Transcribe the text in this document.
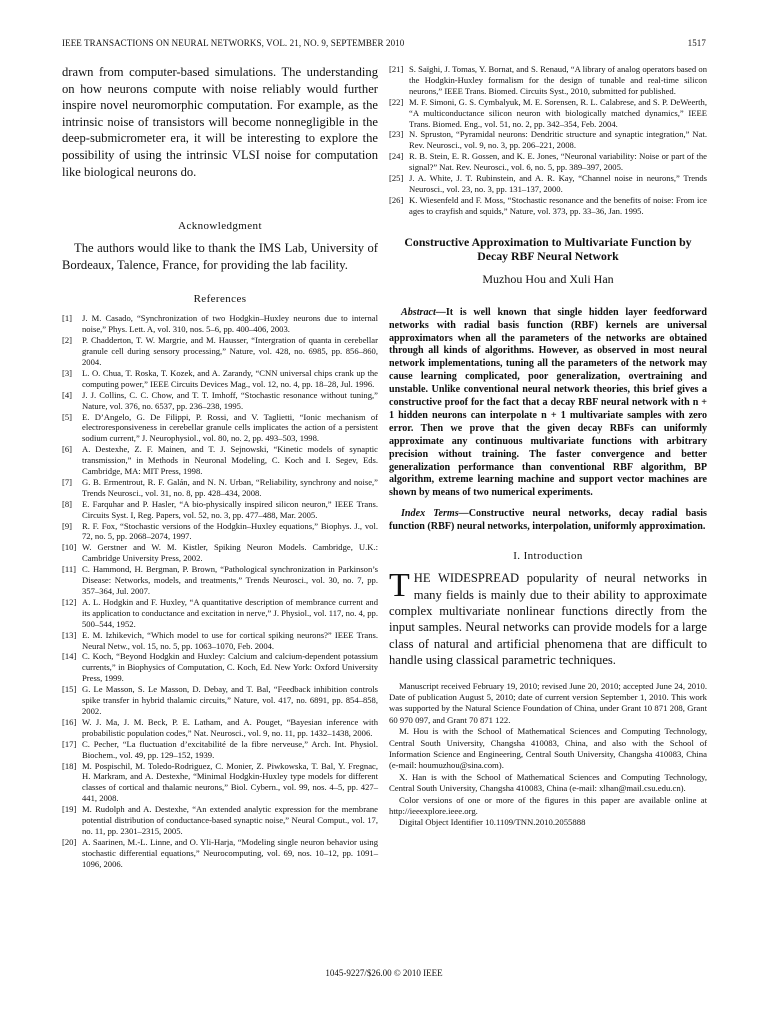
IEEE TRANSACTIONS ON NEURAL NETWORKS, VOL. 21, NO. 9, SEPTEMBER 2010	1517

drawn from computer-based simulations. The understanding on how neurons compute with noise reliably would further inspire novel neuromorphic computation. For example, as the intrinsic noise of transistors will become nonnegligible in the deep-submicrometer era, it will be interesting to explore the possibility of using the intrinsic VLSI noise for computation like biological neurons do.

Acknowledgment

The authors would like to thank the IMS Lab, University of Bordeaux, Talence, France, for providing the lab facility.

References

[1]	J. M. Casado, “Synchronization of two Hodgkin–Huxley neurons due to internal noise,” Phys. Lett. A, vol. 310, nos. 5–6, pp. 400–406, 2003.
[2]	P. Chadderton, T. W. Margrie, and M. Hausser, “Intergration of quanta in cerebellar granule cell during sensory processing,” Nature, vol. 428, no. 6985, pp. 856–860, 2004.
[3]	L. O. Chua, T. Roska, T. Kozek, and A. Zarandy, “CNN universal chips crank up the computing power,” IEEE Circuits Devices Mag., vol. 12, no. 4, pp. 18–28, Jul. 1996.
[4]	J. J. Collins, C. C. Chow, and T. T. Imhoff, “Stochastic resonance without tuning,” Nature, vol. 376, no. 6537, pp. 236–238, 1995.
[5]	E. D’Angelo, G. De Filippi, P. Rossi, and V. Taglietti, “Ionic mechanism of electroresponsiveness in cerebellar granule cells implicates the action of a persistent sodium current,” J. Neurophysiol., vol. 80, no. 2, pp. 493–503, 1998.
[6]	A. Destexhe, Z. F. Mainen, and T. J. Sejnowski, “Kinetic models of synaptic transmission,” in Methods in Neuronal Modeling, C. Koch and I. Segev, Eds. Cambridge, MA: MIT Press, 1998.
[7]	G. B. Ermentrout, R. F. Galán, and N. N. Urban, “Reliability, synchrony and noise,” Trends Neurosci., vol. 31, no. 8, pp. 428–434, 2008.
[8]	E. Farquhar and P. Hasler, “A bio-physically inspired silicon neuron,” IEEE Trans. Circuits Syst. I, Reg. Papers, vol. 52, no. 3, pp. 477–488, Mar. 2005.
[9]	R. F. Fox, “Stochastic versions of the Hodgkin–Huxley equations,” Biophys. J., vol. 72, no. 5, pp. 2068–2074, 1997.
[10] W. Gerstner and W. M. Kistler, Spiking Neuron Models. Cambridge, U.K.: Cambridge University Press, 2002.
[11] C. Hammond, H. Bergman, P. Brown, “Pathological synchronization in Parkinson’s Disease: Networks, models, and treatments,” Trends Neurosci., vol. 30, no. 7, pp. 357–364, Jul. 2007.
[12] A. L. Hodgkin and F. Huxley, “A quantitative description of membrance current and its application to conductance and excitation in nerve,” J. Physiol., vol. 117, no. 4, pp. 500–544, 1952.
[13] E. M. Izhikevich, “Which model to use for cortical spiking neurons?” IEEE Trans. Neural Netw., vol. 15, no. 5, pp. 1063–1070, Feb. 2004.
[14] C. Koch, “Beyond Hodgkin and Huxley: Calcium and calcium-dependent potassium currents,” in Biophysics of Computation, C. Koch, Ed. New York: Oxford University Press, 1999.
[15] G. Le Masson, S. Le Masson, D. Debay, and T. Bal, “Feedback inhibition controls spike transfer in hybrid thalamic circuits,” Nature, vol. 417, no. 6891, pp. 854–858, 2002.
[16] W. J. Ma, J. M. Beck, P. E. Latham, and A. Pouget, “Bayesian inference with probabilistic population codes,” Nat. Neurosci., vol. 9, no. 11, pp. 1432–1438, 2006.
[17] C. Pecher, “La fluctuation d’excitabilité de la fibre nerveuse,” Arch. Int. Physiol. Biochem., vol. 49, pp. 129–152, 1939.
[18] M. Pospischil, M. Toledo-Rodriguez, C. Monier, Z. Piwkowska, T. Bal, Y. Fregnac, H. Markram, and A. Destexhe, “Minimal Hodgkin-Huxley type models for different classes of cortical and thalamic neurons,” Biol. Cybern., vol. 99, nos. 4–5, pp. 427–441, 2008.
[19] M. Rudolph and A. Destexhe, “An extended analytic expression for the membrane potential distribution of conductance-based synaptic noise,” Neural Comput., vol. 17, no. 11, pp. 2301–2315, 2005.
[20] A. Saarinen, M.-L. Linne, and O. Yli-Harja, “Modeling single neuron behavior using stochastic differential equations,” Neurocomputing, vol. 69, nos. 10–12, pp. 1091–1096, 2006.
[21] S. Saïghi, J. Tomas, Y. Bornat, and S. Renaud, “A library of analog operators based on the Hodgkin-Huxley formalism for the design of tunable and real-time silicon neurons,” IEEE Trans. Biomed. Circuits Syst., 2010, submitted for published.
[22] M. F. Simoni, G. S. Cymbalyuk, M. E. Sorensen, R. L. Calabrese, and S. P. DeWeerth, “A multiconductance silicon neuron with biologically matched dynamics,” IEEE Trans. Biomed. Eng., vol. 51, no. 2, pp. 342–354, Feb. 2004.
[23] N. Spruston, “Pyramidal neurons: Dendritic structure and synaptic integration,” Nat. Rev. Neurosci., vol. 9, no. 3, pp. 206–221, 2008.
[24] R. B. Stein, E. R. Gossen, and K. E. Jones, “Neuronal variability: Noise or part of the signal?” Nat. Rev. Neurosci., vol. 6, no. 5, pp. 389–397, 2005.
[25] J. A. White, J. T. Rubinstein, and A. R. Kay, “Channel noise in neurons,” Trends Neurosci., vol. 23, no. 3, pp. 131–137, 2000.
[26] K. Wiesenfeld and F. Moss, “Stochastic resonance and the benefits of noise: From ice ages to crayfish and squids,” Nature, vol. 373, pp. 33–36, Jan. 1995.

Constructive Approximation to Multivariate Function by Decay RBF Neural Network

Muzhou Hou and Xuli Han

Abstract—It is well known that single hidden layer feedforward networks with radial basis function (RBF) kernels are universal approximators when all the parameters of the networks are obtained through all kinds of algorithms. However, as observed in most neural network implementations, tuning all the parameters of the network may cause learning complicated, poor generalization, overtraining and unstable. Unlike conventional neural network theories, this brief gives a constructive proof for the fact that a decay RBF neural network with n + 1 hidden neurons can interpolate n + 1 multivariate samples with zero error. Then we prove that the given decay RBFs can uniformly approximate any continuous multivariate functions with arbitrary precision without training. The faster convergence and better generalization performance than conventional RBF algorithm, BP algorithm, extreme learning machine and support vector machines are shown by means of two numerical experiments.

Index Terms—Constructive neural networks, decay radial basis function (RBF) neural networks, interpolation, uniformly approximation.

I. Introduction

THE WIDESPREAD popularity of neural networks in many fields is mainly due to their ability to approximate complex multivariate nonlinear functions directly from the input samples. Neural networks can provide models for a large class of natural and artificial phenomena that are difficult to handle using classical parametric techniques.

Manuscript received February 19, 2010; revised June 20, 2010; accepted June 24, 2010. Date of publication August 5, 2010; date of current version September 1, 2010. This work was supported by the Natural Science Foundation of China, under Grant 10 871 208, Grant 60 970 097, and Grant 70 871 122.

M. Hou is with the School of Mathematical Sciences and Computing Technology, Central South University, Changsha 410083, China, and also with the School of Information Science and Engineering, Central South University, Changsha 410083, China (e-mail: houmuzhou@sina.com).

X. Han is with the School of Mathematical Sciences and Computing Technology, Central South University, Changsha 410083, China (e-mail: xlhan@mail.csu.edu.cn).

Color versions of one or more of the figures in this paper are available online at http://ieeexplore.ieee.org.

Digital Object Identifier 10.1109/TNN.2010.2055888

1045-9227/$26.00 © 2010 IEEE
